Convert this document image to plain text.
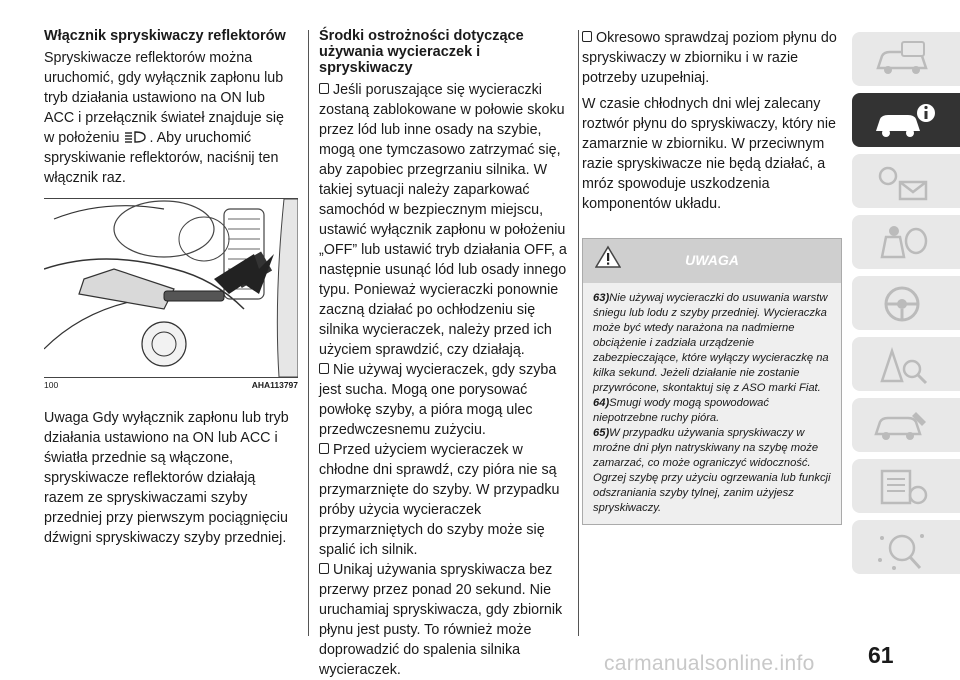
Włącznik spryskiwaczy reflektorów

Spryskiwacze reflektorów można uruchomić, gdy wyłącznik zapłonu lub tryb działania ustawiono na ON lub ACC i przełącznik świateł znajduje się w położeniu . Aby uruchomić spryskiwanie reflektorów, naciśnij ten włącznik raz.

100	AHA113797

Uwaga Gdy wyłącznik zapłonu lub tryb działania ustawiono na ON lub ACC i światła przednie są włączone, spryskiwacze reflektorów działają razem ze spryskiwaczami szyby przedniej przy pierwszym pociągnięciu dźwigni spryskiwaczy szyby przedniej.

Środki ostrożności dotyczące używania wycieraczek i spryskiwaczy

Jeśli poruszające się wycieraczki zostaną zablokowane w połowie skoku przez lód lub inne osady na szybie, mogą one tymczasowo zatrzymać się, aby zapobiec przegrzaniu silnika. W takiej sytuacji należy zaparkować samochód w bezpiecznym miejscu, ustawić wyłącznik zapłonu w położeniu „OFF” lub ustawić tryb działania OFF, a następnie usunąć lód lub osady innego typu. Ponieważ wycieraczki ponownie zaczną działać po ochłodzeniu się silnika wycieraczek, należy przed ich użyciem sprawdzić, czy działają.

Nie używaj wycieraczek, gdy szyba jest sucha. Mogą one porysować powłokę szyby, a pióra mogą ulec przedwczesnemu zużyciu.

Przed użyciem wycieraczek w chłodne dni sprawdź, czy pióra nie są przymarznięte do szyby. W przypadku próby użycia wycieraczek przymarzniętych do szyby może się spalić ich silnik.

Unikaj używania spryskiwacza bez przerwy przez ponad 20 sekund. Nie uruchamiaj spryskiwacza, gdy zbiornik płynu jest pusty. To również może doprowadzić do spalenia silnika wycieraczek.

Okresowo sprawdzaj poziom płynu do spryskiwaczy w zbiorniku i w razie potrzeby uzupełniaj.

W czasie chłodnych dni wlej zalecany roztwór płynu do spryskiwaczy, który nie zamarznie w zbiorniku. W przeciwnym razie spryskiwacze nie będą działać, a mróz spowoduje uszkodzenia komponentów układu.

UWAGA
63)Nie używaj wycieraczki do usuwania warstw śniegu lub lodu z szyby przedniej. Wycieraczka może być wtedy narażona na nadmierne obciążenie i zadziała urządzenie zabezpieczające, które wyłączy wycieraczkę na kilka sekund. Jeżeli działanie nie zostanie przywrócone, skontaktuj się z ASO marki Fiat.
64)Smugi wody mogą spowodować niepotrzebne ruchy pióra.
65)W przypadku używania spryskiwaczy w mroźne dni płyn natryskiwany na szybę może zamarzać, co może ograniczyć widoczność. Ogrzej szybę przy użyciu ogrzewania lub funkcji odszraniania szyby tylnej, zanim użyjesz spryskiwaczy.
61
carmanualsonline.info
